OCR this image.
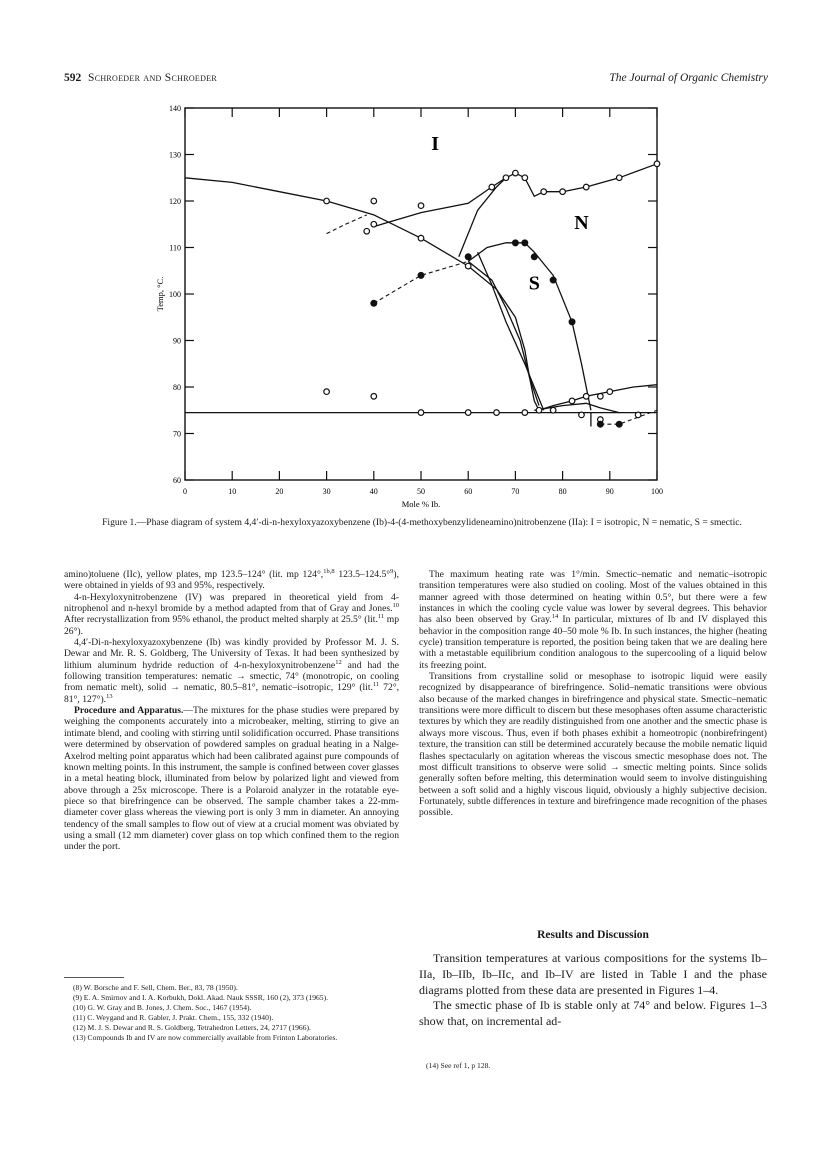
592 Schroeder and Schroeder	The Journal of Organic Chemistry
0	10	20	30	40	50	60	70	80	90	100
60
70
80
90
100
110
120
130
140
Mole % Ib.
Temp, °C.
I
N
S
Figure 1.—Phase diagram of system 4,4′-di-n-hexyloxyazoxybenzene (Ib)-4-(4-methoxybenzylideneamino)nitrobenzene (IIa): I = isotropic, N = nematic, S = smectic.

amino)toluene (IIc), yellow plates, mp 123.5–124° (lit. mp 124°,$^{1b,8}$ 123.5–124.5°$^9$), were obtained in yields of 93 and 95%, respectively.

4-n-Hexyloxynitrobenzene (IV) was prepared in theoretical yield from 4-nitrophenol and n-hexyl bromide by a method adapted from that of Gray and Jones.$^{10}$ After recrystallization from 95% ethanol, the product melted sharply at 25.5° (lit.$^{11}$ mp 26°).

4,4′-Di-n-hexyloxyazoxybenzene (Ib) was kindly provided by Professor M. J. S. Dewar and Mr. R. S. Goldberg, The University of Texas. It had been synthesized by lithium aluminum hydride reduction of 4-n-hexyloxynitrobenzene$^{12}$ and had the following transition temperatures: nematic → smectic, 74° (monotropic, on cooling from nematic melt), solid → nematic, 80.5–81°, nematic–isotropic, 129° (lit.$^{11}$ 72°, 81°, 127°).$^{13}$

Procedure and Apparatus.—The mixtures for the phase studies were prepared by weighing the components accurately into a microbeaker, melting, stirring to give an intimate blend, and cooling with stirring until solidification occurred. Phase transitions were determined by observation of powdered samples on gradual heating in a Nalge-Axelrod melting point apparatus which had been calibrated against pure compounds of known melting points. In this instrument, the sample is confined between cover glasses in a metal heating block, illuminated from below by polarized light and viewed from above through a 25x microscope. There is a Polaroid analyzer in the rotatable eye-piece so that birefringence can be observed. The sample chamber takes a 22-mm-diameter cover glass whereas the viewing port is only 3 mm in diameter. An annoying tendency of the small samples to flow out of view at a crucial moment was obviated by using a small (12 mm diameter) cover glass on top which confined them to the region under the port.

The maximum heating rate was 1°/min. Smectic–nematic and nematic–isotropic transition temperatures were also studied on cooling. Most of the values obtained in this manner agreed with those determined on heating within 0.5°, but there were a few instances in which the cooling cycle value was lower by several degrees. This behavior has also been observed by Gray.$^{14}$ In particular, mixtures of Ib and IV displayed this behavior in the composition range 40–50 mole % Ib. In such instances, the higher (heating cycle) transition temperature is reported, the position being taken that we are dealing here with a metastable equilibrium condition analogous to the supercooling of a liquid below its freezing point.

Transitions from crystalline solid or mesophase to isotropic liquid were easily recognized by disappearance of birefringence. Solid–nematic transitions were obvious also because of the marked changes in birefringence and physical state. Smectic–nematic transitions were more difficult to discern but these mesophases often assume characteristic textures by which they are readily distinguished from one another and the smectic phase is always more viscous. Thus, even if both phases exhibit a homeotropic (nonbirefringent) texture, the transition can still be determined accurately because the mobile nematic liquid flashes spectacularly on agitation whereas the viscous smectic mesophase does not. The most difficult transitions to observe were solid → smectic melting points. Since solids generally soften before melting, this determination would seem to involve distinguishing between a soft solid and a highly viscous liquid, obviously a highly subjective decision. Fortunately, subtle differences in texture and birefringence made recognition of the phases possible.

(8) W. Borsche and F. Sell, Chem. Ber., 83, 78 (1950).
(9) E. A. Smirnov and I. A. Korbukh, Dokl. Akad. Nauk SSSR, 160 (2), 373 (1965).
(10) G. W. Gray and B. Jones, J. Chem. Soc., 1467 (1954).
(11) C. Weygand and R. Gabler, J. Prakt. Chem., 155, 332 (1940).
(12) M. J. S. Dewar and R. S. Goldberg, Tetrahedron Letters, 24, 2717 (1966).
(13) Compounds Ib and IV are now commercially available from Frinton Laboratories.
Results and Discussion

Transition temperatures at various compositions for the systems Ib–IIa, Ib–IIb, Ib–IIc, and Ib–IV are listed in Table I and the phase diagrams plotted from these data are presented in Figures 1–4.

The smectic phase of Ib is stable only at 74° and below. Figures 1–3 show that, on incremental ad-

(14) See ref 1, p 128.
